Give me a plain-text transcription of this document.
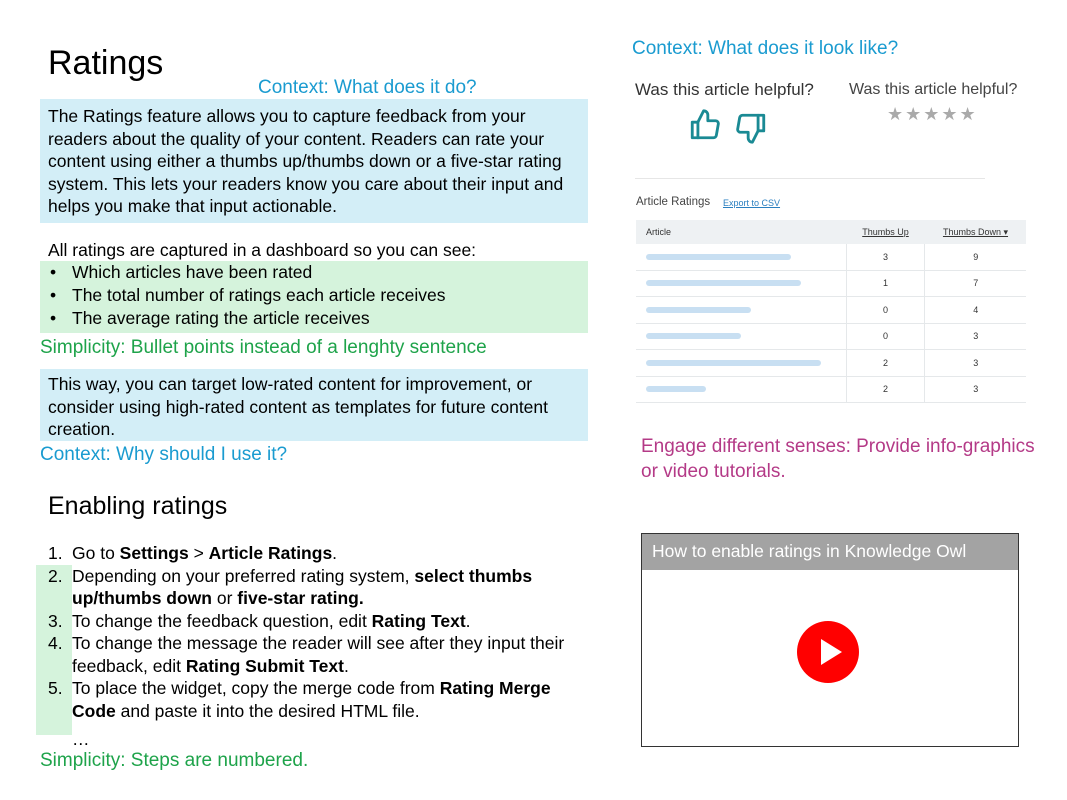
Ratings
Context: What does it do?
The Ratings feature allows you to capture feedback from your readers about the quality of your content. Readers can rate your content using either a thumbs up/thumbs down or a five-star rating system. This lets your readers know you care about their input and helps you make that input actionable.
All ratings are captured in a dashboard so you can see:
• Which articles have been rated
• The total number of ratings each article receives
• The average rating the article receives
Simplicity: Bullet points instead of a lenghty sentence
This way, you can target low-rated content for improvement, or consider using high-rated content as templates for future content creation.
Context: Why should I use it?
Enabling ratings
1. Go to Settings > Article Ratings.
2. Depending on your preferred rating system, select thumbs up/thumbs down or five-star rating.
3. To change the feedback question, edit Rating Text.
4. To change the message the reader will see after they input their feedback, edit Rating Submit Text.
5. To place the widget, copy the merge code from Rating Merge Code and paste it into the desired HTML file.
…
Simplicity: Steps are numbered.
Context: What does it look like?
Was this article helpful? Was this article helpful?
★★★★★
Article Ratings Export to CSV
Article	Thumbs Up	Thumbs Down ▾
	3	9
	1	7
	0	4
	0	3
	2	3
	2	3
Engage different senses: Provide info-graphics or video tutorials.
How to enable ratings in Knowledge Owl
